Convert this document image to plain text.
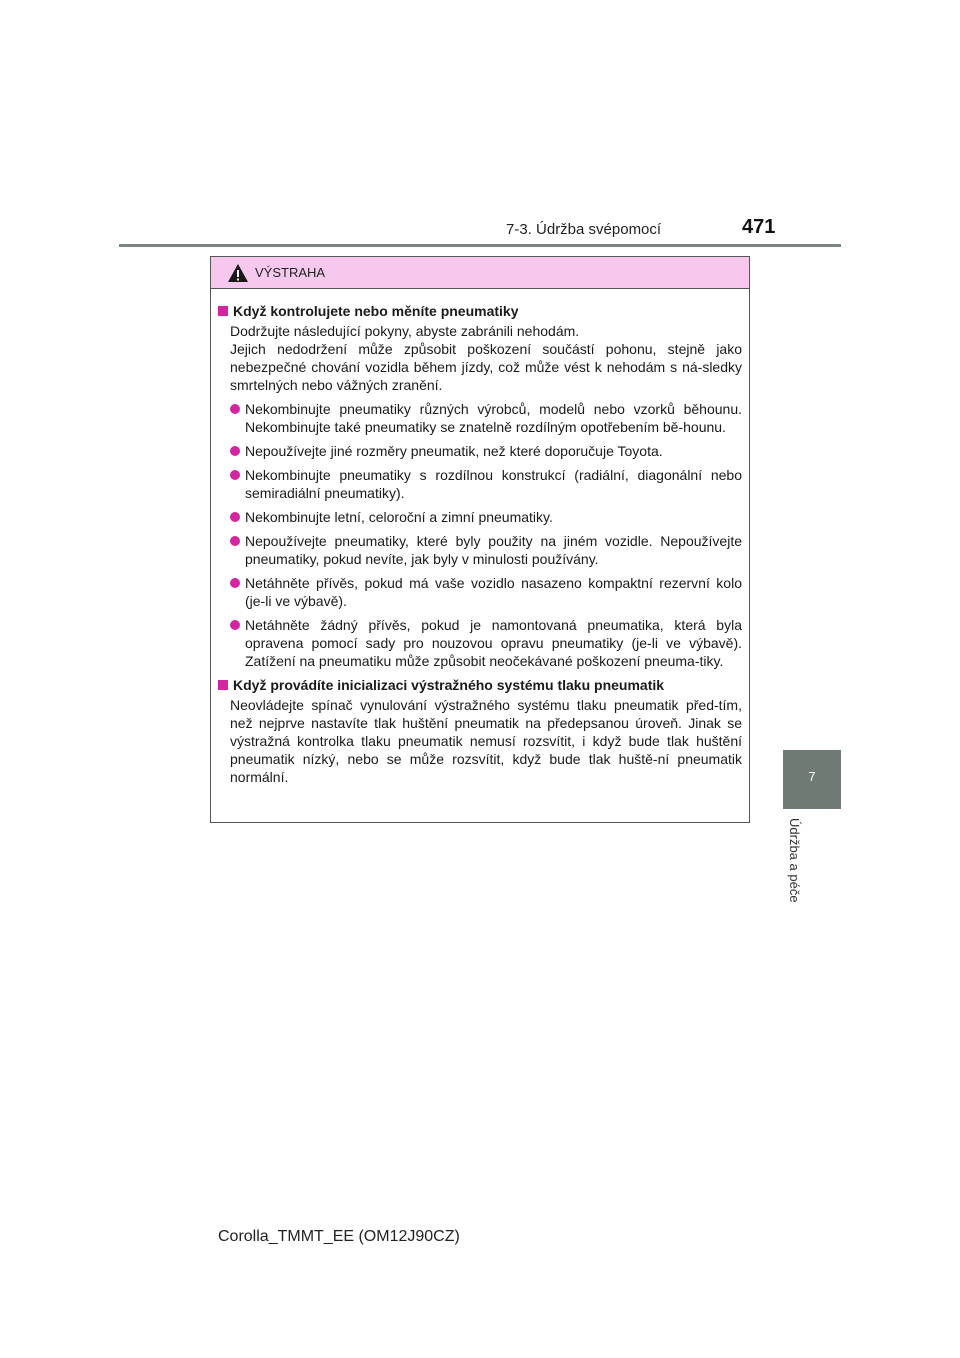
7-3. Údržba svépomocí	471
7
Údržba a péče
VÝSTRAHA
Když kontrolujete nebo měníte pneumatiky

Dodržujte následující pokyny, abyste zabránili nehodám.

Jejich nedodržení může způsobit poškození součástí pohonu, stejně jako nebezpečné chování vozidla během jízdy, což může vést k nehodám s ná-sledky smrtelných nebo vážných zranění.

Nekombinujte pneumatiky různých výrobců, modelů nebo vzorků běhounu. Nekombinujte také pneumatiky se znatelně rozdílným opotřebením bě-hounu.
Nepoužívejte jiné rozměry pneumatik, než které doporučuje Toyota.
Nekombinujte pneumatiky s rozdílnou konstrukcí (radiální, diagonální nebo semiradiální pneumatiky).
Nekombinujte letní, celoroční a zimní pneumatiky.
Nepoužívejte pneumatiky, které byly použity na jiném vozidle. Nepoužívejte pneumatiky, pokud nevíte, jak byly v minulosti používány.
Netáhněte přívěs, pokud má vaše vozidlo nasazeno kompaktní rezervní kolo (je-li ve výbavě).
Netáhněte žádný přívěs, pokud je namontovaná pneumatika, která byla opravena pomocí sady pro nouzovou opravu pneumatiky (je-li ve výbavě). Zatížení na pneumatiku může způsobit neočekávané poškození pneuma-tiky.
Když provádíte inicializaci výstražného systému tlaku pneumatik

Neovládejte spínač vynulování výstražného systému tlaku pneumatik před-tím, než nejprve nastavíte tlak huštění pneumatik na předepsanou úroveň. Jinak se výstražná kontrolka tlaku pneumatik nemusí rozsvítit, i když bude tlak huštění pneumatik nízký, nebo se může rozsvítit, když bude tlak huště-ní pneumatik normální.

Corolla_TMMT_EE (OM12J90CZ)
